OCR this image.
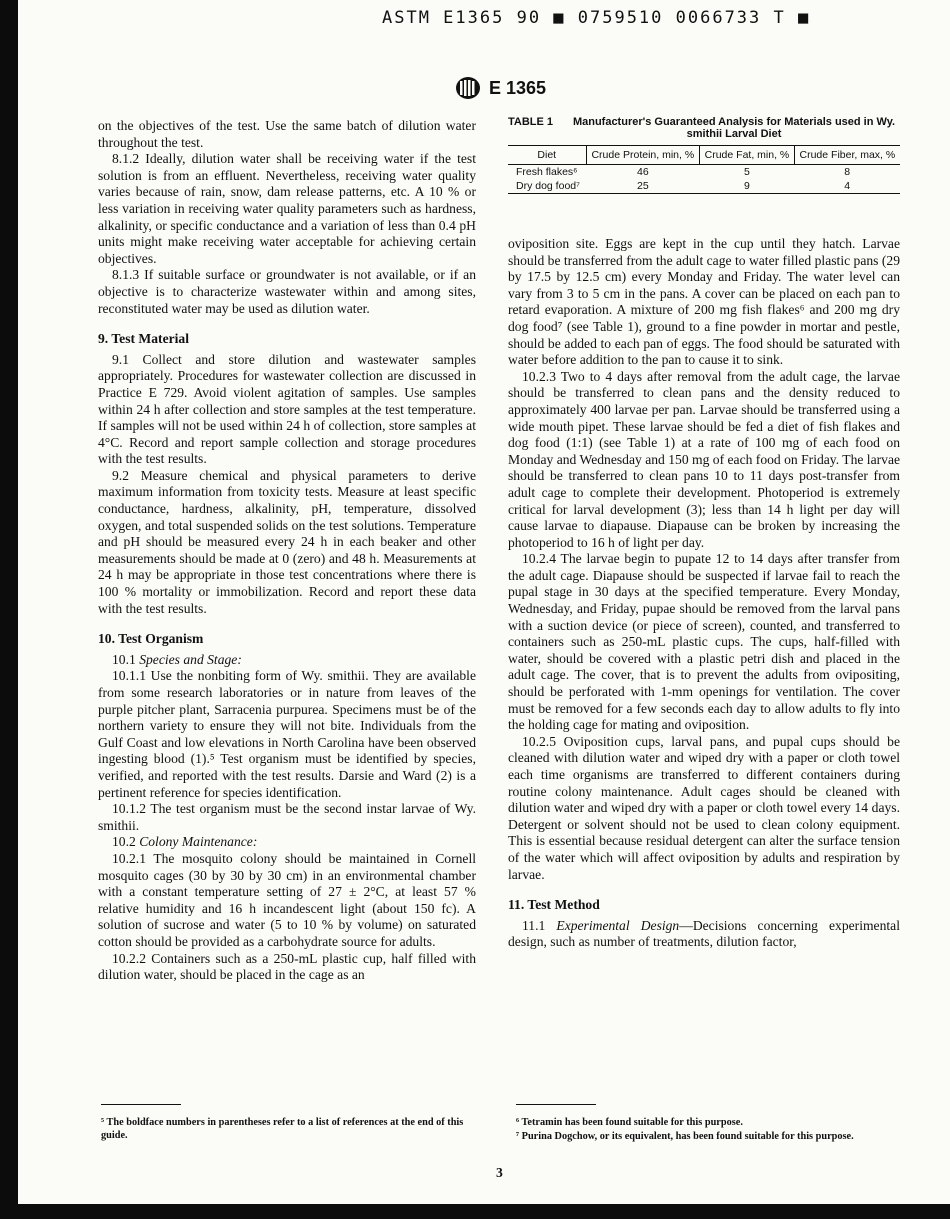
ASTM E1365 90 ■ 0759510 0066733 T ■
E 1365

on the objectives of the test. Use the same batch of dilution water throughout the test.

8.1.2 Ideally, dilution water shall be receiving water if the test solution is from an effluent. Nevertheless, receiving water quality varies because of rain, snow, dam release patterns, etc. A 10 % or less variation in receiving water quality parameters such as hardness, alkalinity, or specific conductance and a variation of less than 0.4 pH units might make receiving water acceptable for achieving certain objectives.

8.1.3 If suitable surface or groundwater is not available, or if an objective is to characterize wastewater within and among sites, reconstituted water may be used as dilution water.

9. Test Material

9.1 Collect and store dilution and wastewater samples appropriately. Procedures for wastewater collection are discussed in Practice E 729. Avoid violent agitation of samples. Use samples within 24 h after collection and store samples at the test temperature. If samples will not be used within 24 h of collection, store samples at 4°C. Record and report sample collection and storage procedures with the test results.

9.2 Measure chemical and physical parameters to derive maximum information from toxicity tests. Measure at least specific conductance, hardness, alkalinity, pH, temperature, dissolved oxygen, and total suspended solids on the test solutions. Temperature and pH should be measured every 24 h in each beaker and other measurements should be made at 0 (zero) and 48 h. Measurements at 24 h may be appropriate in those test concentrations where there is 100 % mortality or immobilization. Record and report these data with the test results.

10. Test Organism

10.1 Species and Stage:

10.1.1 Use the nonbiting form of Wy. smithii. They are available from some research laboratories or in nature from leaves of the purple pitcher plant, Sarracenia purpurea. Specimens must be of the northern variety to ensure they will not bite. Individuals from the Gulf Coast and low elevations in North Carolina have been observed ingesting blood (1).⁵ Test organism must be identified by species, verified, and reported with the test results. Darsie and Ward (2) is a pertinent reference for species identification.

10.1.2 The test organism must be the second instar larvae of Wy. smithii.

10.2 Colony Maintenance:

10.2.1 The mosquito colony should be maintained in Cornell mosquito cages (30 by 30 by 30 cm) in an environmental chamber with a constant temperature setting of 27 ± 2°C, at least 57 % relative humidity and 16 h incandescent light (about 150 fc). A solution of sucrose and water (5 to 10 % by volume) on saturated cotton should be provided as a carbohydrate source for adults.

10.2.2 Containers such as a 250-mL plastic cup, half filled with dilution water, should be placed in the cage as an

TABLE 1	Manufacturer's Guaranteed Analysis for Materials used in Wy. smithii Larval Diet
Diet	Crude Protein, min, %	Crude Fat, min, %	Crude Fiber, max, %
Fresh flakes⁶	46	5	8
Dry dog food⁷	25	9	4

oviposition site. Eggs are kept in the cup until they hatch. Larvae should be transferred from the adult cage to water filled plastic pans (29 by 17.5 by 12.5 cm) every Monday and Friday. The water level can vary from 3 to 5 cm in the pans. A cover can be placed on each pan to retard evaporation. A mixture of 200 mg fish flakes⁶ and 200 mg dry dog food⁷ (see Table 1), ground to a fine powder in mortar and pestle, should be added to each pan of eggs. The food should be saturated with water before addition to the pan to cause it to sink.

10.2.3 Two to 4 days after removal from the adult cage, the larvae should be transferred to clean pans and the density reduced to approximately 400 larvae per pan. Larvae should be transferred using a wide mouth pipet. These larvae should be fed a diet of fish flakes and dog food (1:1) (see Table 1) at a rate of 100 mg of each food on Monday and Wednesday and 150 mg of each food on Friday. The larvae should be transferred to clean pans 10 to 11 days post-transfer from adult cage to complete their development. Photoperiod is extremely critical for larval development (3); less than 14 h light per day will cause larvae to diapause. Diapause can be broken by increasing the photoperiod to 16 h of light per day.

10.2.4 The larvae begin to pupate 12 to 14 days after transfer from the adult cage. Diapause should be suspected if larvae fail to reach the pupal stage in 30 days at the specified temperature. Every Monday, Wednesday, and Friday, pupae should be removed from the larval pans with a suction device (or piece of screen), counted, and transferred to containers such as 250-mL plastic cups. The cups, half-filled with water, should be covered with a plastic petri dish and placed in the adult cage. The cover, that is to prevent the adults from ovipositing, should be perforated with 1-mm openings for ventilation. The cover must be removed for a few seconds each day to allow adults to fly into the holding cage for mating and oviposition.

10.2.5 Oviposition cups, larval pans, and pupal cups should be cleaned with dilution water and wiped dry with a paper or cloth towel each time organisms are transferred to different containers during routine colony maintenance. Adult cages should be cleaned with dilution water and wiped dry with a paper or cloth towel every 14 days. Detergent or solvent should not be used to clean colony equipment. This is essential because residual detergent can alter the surface tension of the water which will affect oviposition by adults and respiration by larvae.

11. Test Method

11.1 Experimental Design—Decisions concerning experimental design, such as number of treatments, dilution factor,

⁵ The boldface numbers in parentheses refer to a list of references at the end of this guide.
⁶ Tetramin has been found suitable for this purpose.
⁷ Purina Dogchow, or its equivalent, has been found suitable for this purpose.
3
